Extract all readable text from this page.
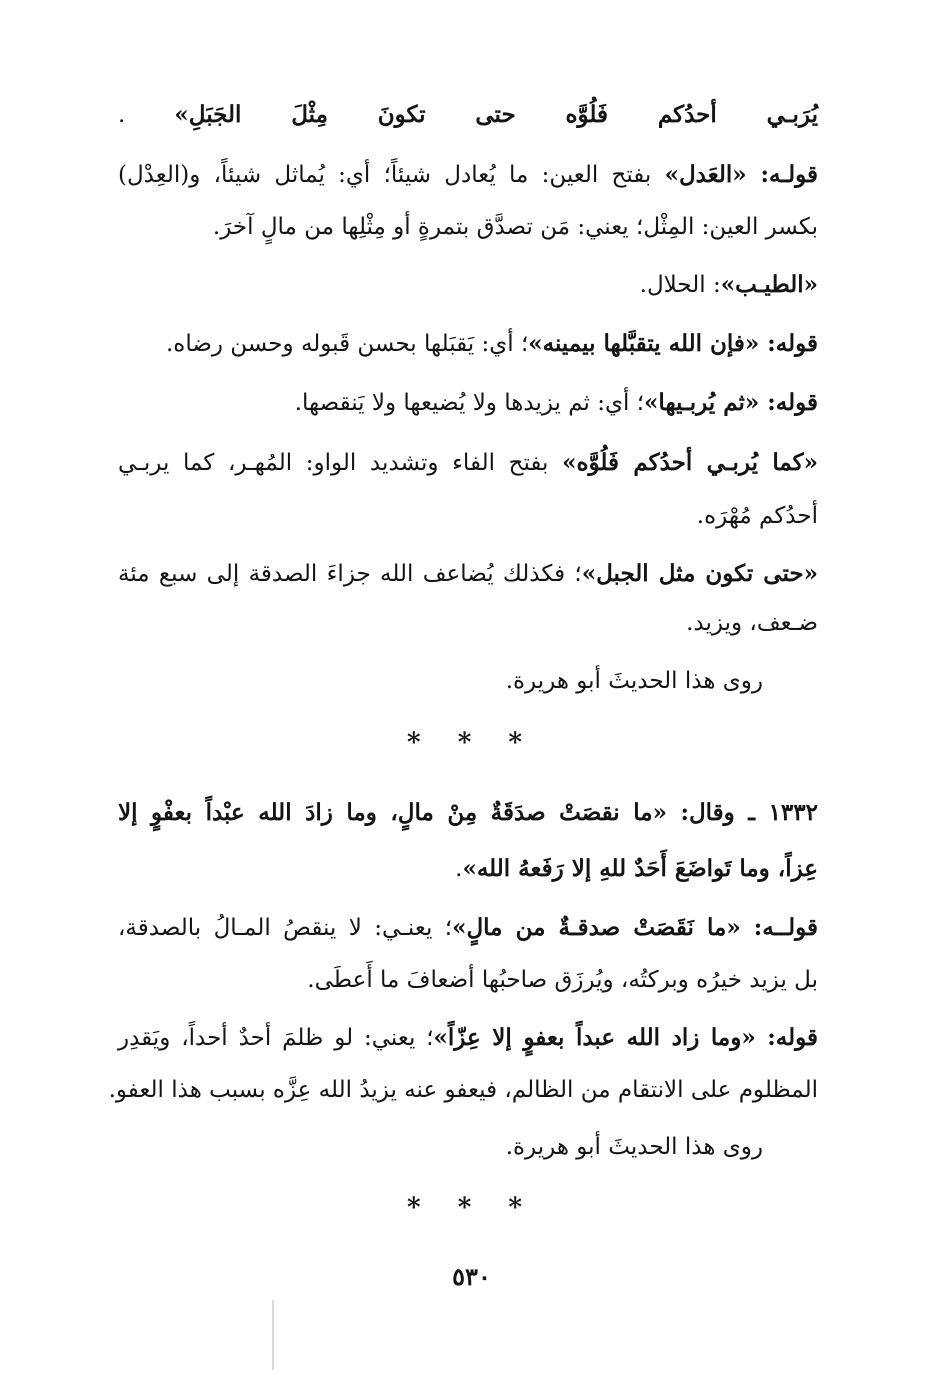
يُرَبـي أحدُكم فَلُوَّه حتى تكونَ مِثْلَ الجَبَلِ» .
قولـه: «العَدل» بفتح العين: ما يُعادل شيئاً؛ أي: يُماثل شيئاً، و(العِدْل)
بكسر العين: المِثْل؛ يعني: مَن تصدَّق بتمرةٍ أو مِثْلِها من مالٍ آخرَ.
«الطيـب»: الحلال.
قوله: «فإن الله يتقبَّلها بيمينه»؛ أي: يَقبَلها بحسن قَبوله وحسن رضاه.
قوله: «ثم يُربـيها»؛ أي: ثم يزيدها ولا يُضيعها ولا يَنقصها.
«كما يُربـي أحدُكم فَلُوَّه» بفتح الفاء وتشديد الواو: المُهـر، كما يربـي
أحدُكم مُهْرَه.
«حتى تكون مثل الجبل»؛ فكذلك يُضاعف الله جزاءَ الصدقة إلى سبع مئة
ضـعف، ويزيد.
روى هذا الحديثَ أبو هريرة.
* * *
١٣٣٢ ـ وقال: «ما نقصَتْ صدَقَةٌ مِنْ مالٍ، وما زادَ الله عبْداً بعفْوٍ إلا
عِزاً، وما تَواضَعَ أَحَدٌ للهِ إلا رَفَعهُ الله».
قولــه: «ما نَقَصَتْ صدقـةٌ من مالٍ»؛ يعنـي: لا ينقصُ المـالُ بالصدقة،
بل يزيد خيرُه وبركتُه، ويُرزَق صاحبُها أضعافَ ما أَعطَى.
قوله: «وما زاد الله عبداً بعفوٍ إلا عِزّاً»؛ يعني: لو ظلمَ أحدٌ أحداً، ويَقدِر
المظلوم على الانتقام من الظالم، فيعفو عنه يزيدُ الله عِزَّه بسبب هذا العفو.
روى هذا الحديثَ أبو هريرة.
* * *
٥٣٠
